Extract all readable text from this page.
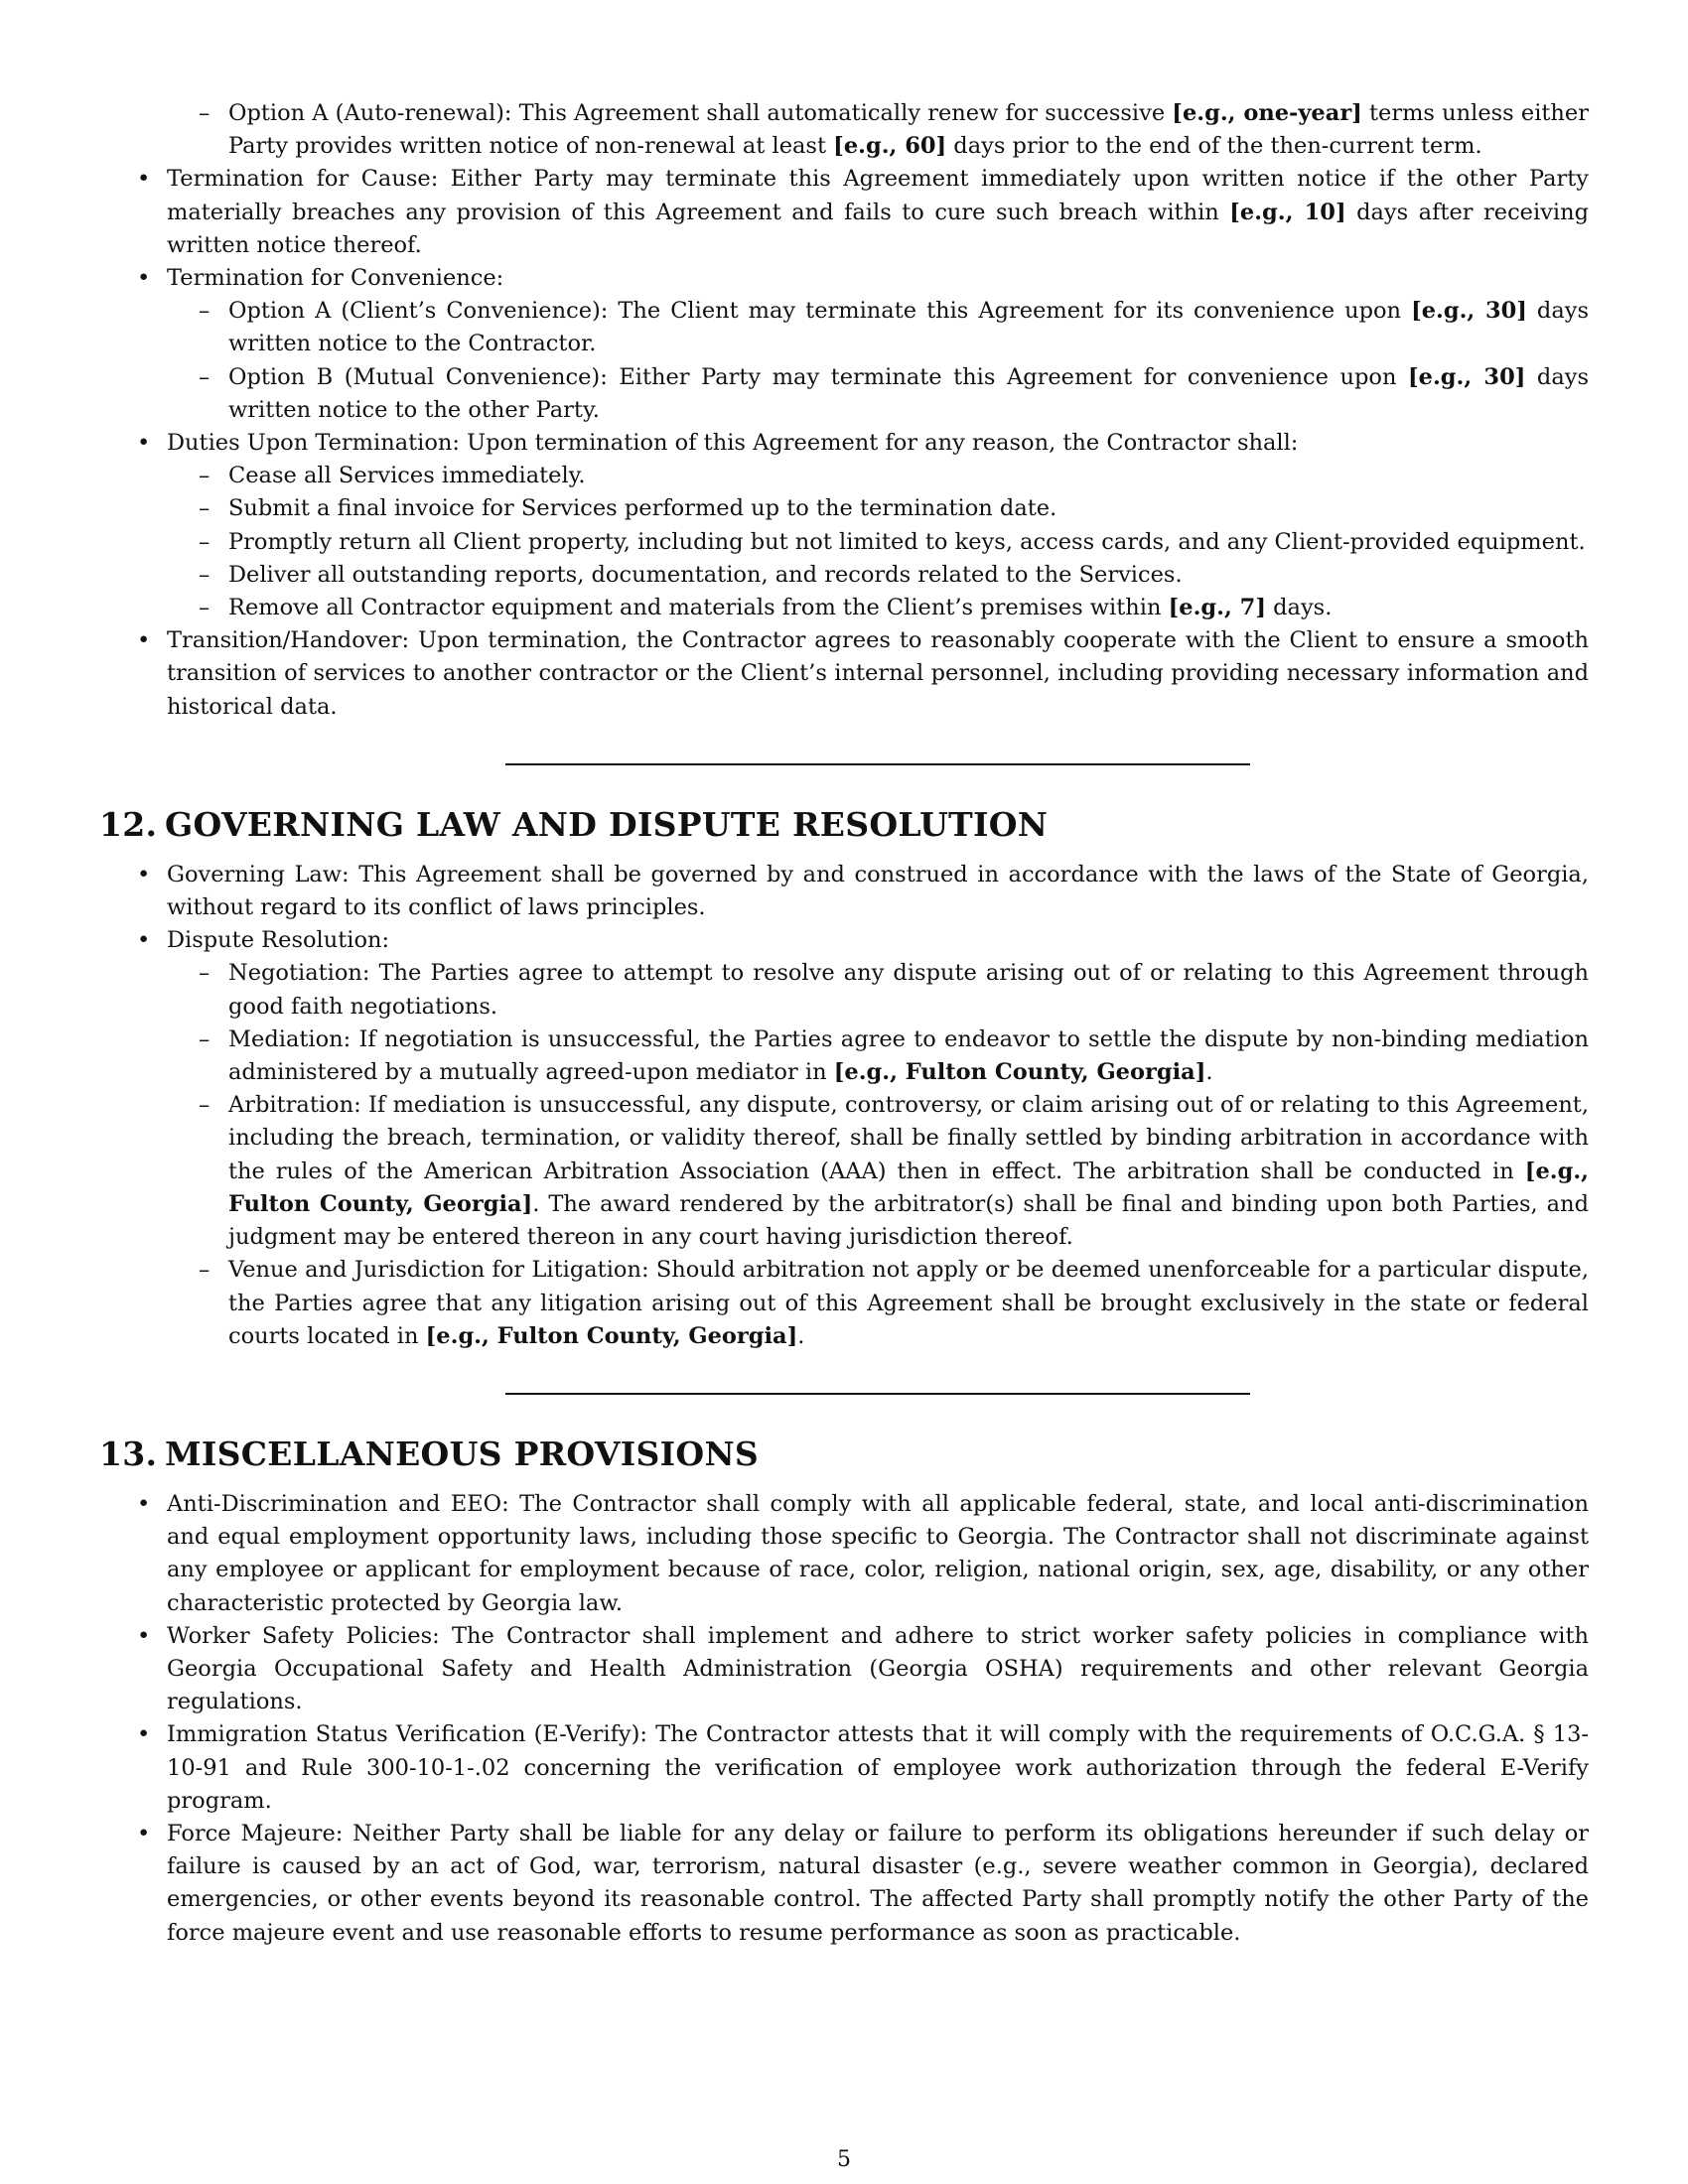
– Option A (Auto-renewal): This Agreement shall automatically renew for successive [e.g., one-year] terms unless either Party provides written notice of non-renewal at least [e.g., 60] days prior to the end of the then-current term.
• Termination for Cause: Either Party may terminate this Agreement immediately upon written notice if the other Party materially breaches any provision of this Agreement and fails to cure such breach within [e.g., 10] days after receiving written notice thereof.
• Termination for Convenience:
– Option A (Client’s Convenience): The Client may terminate this Agreement for its convenience upon [e.g., 30] days written notice to the Contractor.
– Option B (Mutual Convenience): Either Party may terminate this Agreement for convenience upon [e.g., 30] days written notice to the other Party.
• Duties Upon Termination: Upon termination of this Agreement for any reason, the Contractor shall:
– Cease all Services immediately.
– Submit a final invoice for Services performed up to the termination date.
– Promptly return all Client property, including but not limited to keys, access cards, and any Client-provided equipment.
– Deliver all outstanding reports, documentation, and records related to the Services.
– Remove all Contractor equipment and materials from the Client’s premises within [e.g., 7] days.
• Transition/Handover: Upon termination, the Contractor agrees to reasonably cooperate with the Client to ensure a smooth transition of services to another contractor or the Client’s internal personnel, including providing necessary information and historical data.
12. GOVERNING LAW AND DISPUTE RESOLUTION
• Governing Law: This Agreement shall be governed by and construed in accordance with the laws of the State of Georgia, without regard to its conflict of laws principles.
• Dispute Resolution:
– Negotiation: The Parties agree to attempt to resolve any dispute arising out of or relating to this Agreement through good faith negotiations.
– Mediation: If negotiation is unsuccessful, the Parties agree to endeavor to settle the dispute by non-binding mediation administered by a mutually agreed-upon mediator in [e.g., Fulton County, Georgia].
– Arbitration: If mediation is unsuccessful, any dispute, controversy, or claim arising out of or relating to this Agreement, including the breach, termination, or validity thereof, shall be finally settled by binding arbitration in accordance with the rules of the American Arbitration Association (AAA) then in effect. The arbitration shall be conducted in [e.g., Fulton County, Georgia]. The award rendered by the arbitrator(s) shall be final and binding upon both Parties, and judgment may be entered thereon in any court having jurisdiction thereof.
– Venue and Jurisdiction for Litigation: Should arbitration not apply or be deemed unenforceable for a particular dispute, the Parties agree that any litigation arising out of this Agreement shall be brought exclusively in the state or federal courts located in [e.g., Fulton County, Georgia].
13. MISCELLANEOUS PROVISIONS
• Anti-Discrimination and EEO: The Contractor shall comply with all applicable federal, state, and local anti-discrimination and equal employment opportunity laws, including those specific to Georgia. The Contractor shall not discriminate against any employee or applicant for employment because of race, color, religion, national origin, sex, age, disability, or any other characteristic protected by Georgia law.
• Worker Safety Policies: The Contractor shall implement and adhere to strict worker safety policies in compliance with Georgia Occupational Safety and Health Administration (Georgia OSHA) requirements and other relevant Georgia regulations.
• Immigration Status Verification (E-Verify): The Contractor attests that it will comply with the requirements of O.C.G.A. § 13-10-91 and Rule 300-10-1-.02 concerning the verification of employee work authorization through the federal E-Verify program.
• Force Majeure: Neither Party shall be liable for any delay or failure to perform its obligations hereunder if such delay or failure is caused by an act of God, war, terrorism, natural disaster (e.g., severe weather common in Georgia), declared emergencies, or other events beyond its reasonable control. The affected Party shall promptly notify the other Party of the force majeure event and use reasonable efforts to resume performance as soon as practicable.
5
